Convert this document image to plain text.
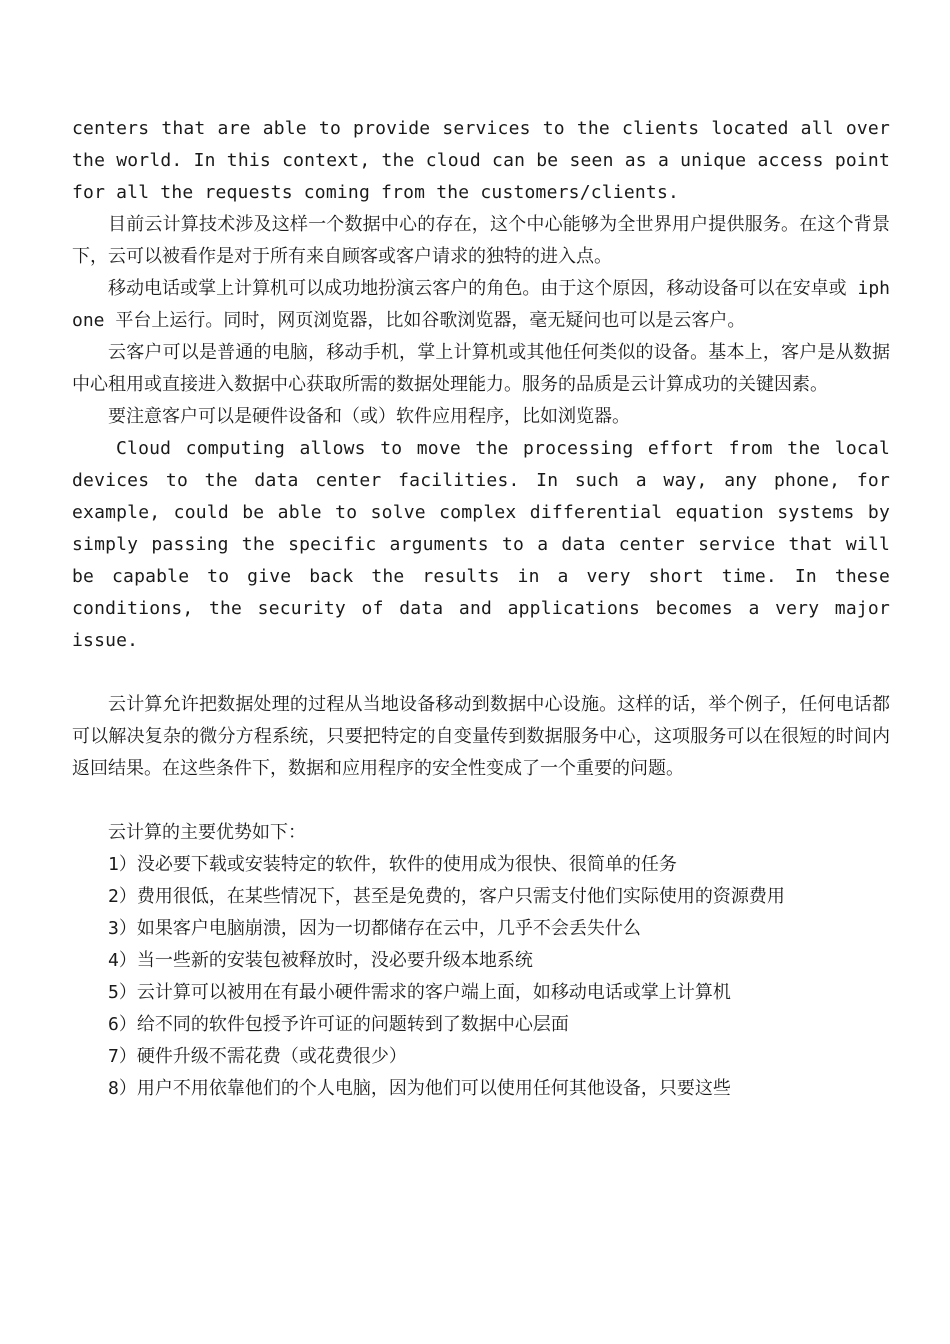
centers that are able to provide services to the clients located all over the world. In this context, the cloud can be seen as a unique access point for all the requests coming from the customers/clients.

目前云计算技术涉及这样一个数据中心的存在，这个中心能够为全世界用户提供服务。在这个背景下，云可以被看作是对于所有来自顾客或客户请求的独特的进入点。

移动电话或掌上计算机可以成功地扮演云客户的角色。由于这个原因，移动设备可以在安卓或 iphone 平台上运行。同时，网页浏览器，比如谷歌浏览器，毫无疑问也可以是云客户。

云客户可以是普通的电脑，移动手机，掌上计算机或其他任何类似的设备。基本上，客户是从数据中心租用或直接进入数据中心获取所需的数据处理能力。服务的品质是云计算成功的关键因素。

要注意客户可以是硬件设备和（或）软件应用程序，比如浏览器。

Cloud computing allows to move the processing effort from the local devices to the data center facilities. In such a way, any phone, for example, could be able to solve complex differential equation systems by simply passing the specific arguments to a data center service that will be capable to give back the results in a very short time. In these conditions, the security of data and applications becomes a very major issue.

云计算允许把数据处理的过程从当地设备移动到数据中心设施。这样的话，举个例子，任何电话都可以解决复杂的微分方程系统，只要把特定的自变量传到数据服务中心，这项服务可以在很短的时间内返回结果。在这些条件下，数据和应用程序的安全性变成了一个重要的问题。

云计算的主要优势如下：

1）没必要下载或安装特定的软件，软件的使用成为很快、很简单的任务

2）费用很低，在某些情况下，甚至是免费的，客户只需支付他们实际使用的资源费用

3）如果客户电脑崩溃，因为一切都储存在云中，几乎不会丢失什么

4）当一些新的安装包被释放时，没必要升级本地系统

5）云计算可以被用在有最小硬件需求的客户端上面，如移动电话或掌上计算机

6）给不同的软件包授予许可证的问题转到了数据中心层面

7）硬件升级不需花费（或花费很少）

8）用户不用依靠他们的个人电脑，因为他们可以使用任何其他设备，只要这些
